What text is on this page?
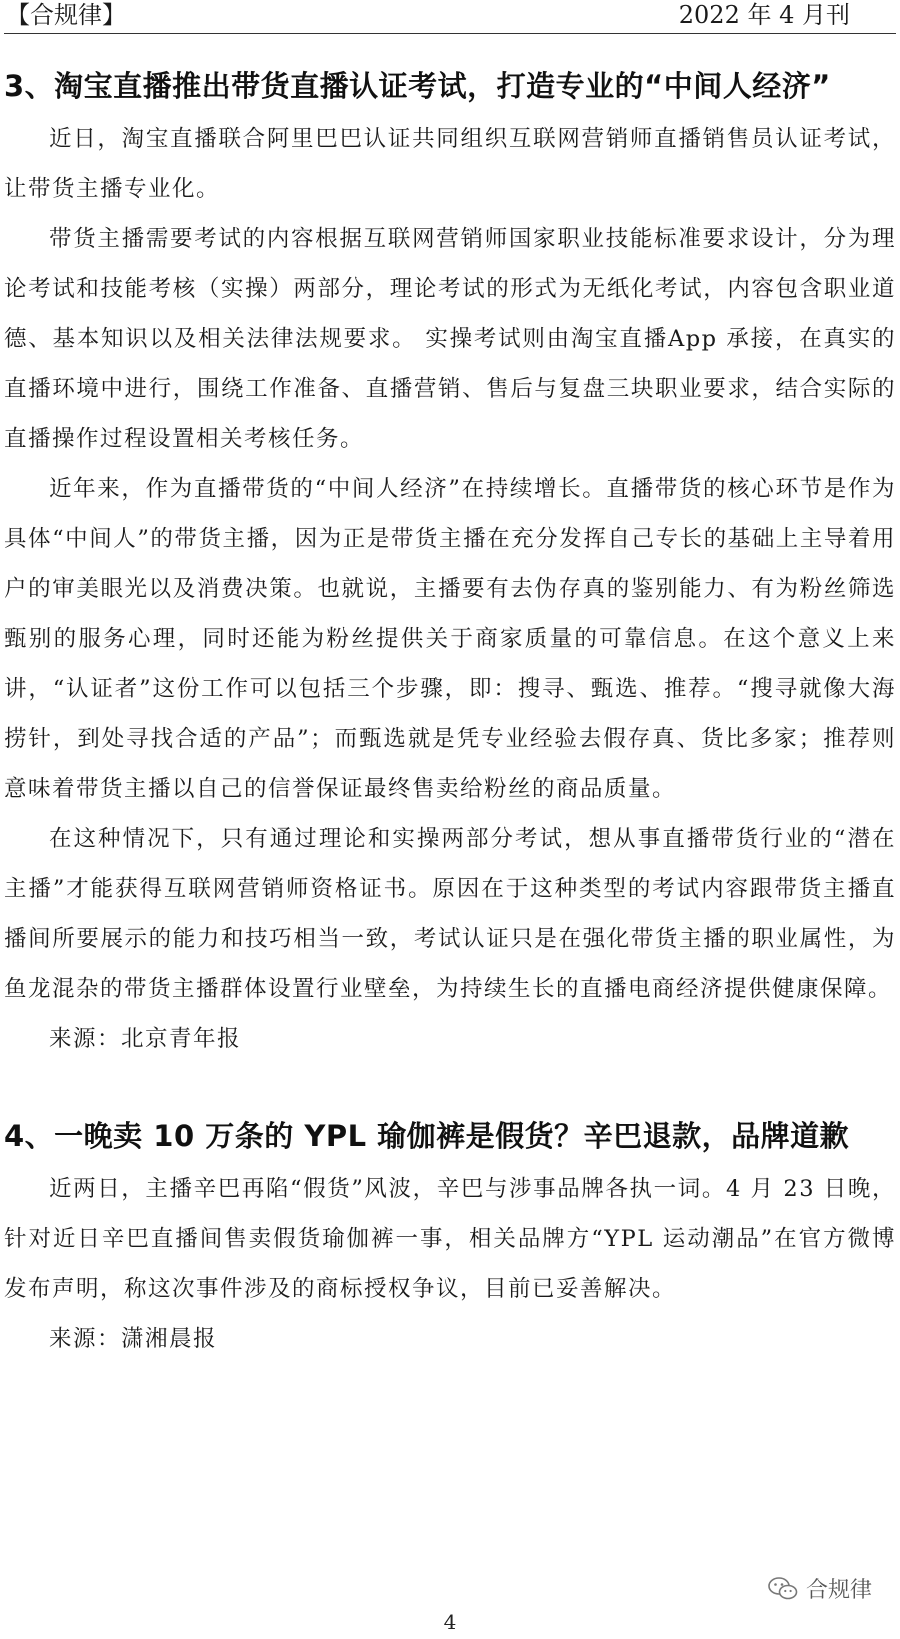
【合规律】	2022 年 4 月刊
3、淘宝直播推出带货直播认证考试，打造专业的“中间人经济”

近日，淘宝直播联合阿里巴巴认证共同组织互联网营销师直播销售员认证考试，让带货主播专业化。

带货主播需要考试的内容根据互联网营销师国家职业技能标准要求设计，分为理论考试和技能考核（实操）两部分，理论考试的形式为无纸化考试，内容包含职业道德、基本知识以及相关法律法规要求。 实操考试则由淘宝直播App 承接，在真实的直播环境中进行，围绕工作准备、直播营销、售后与复盘三块职业要求，结合实际的直播操作过程设置相关考核任务。

近年来，作为直播带货的“中间人经济”在持续增长。直播带货的核心环节是作为具体“中间人”的带货主播，因为正是带货主播在充分发挥自己专长的基础上主导着用户的审美眼光以及消费决策。也就说，主播要有去伪存真的鉴别能力、有为粉丝筛选甄别的服务心理，同时还能为粉丝提供关于商家质量的可靠信息。在这个意义上来讲，“认证者”这份工作可以包括三个步骤，即：搜寻、甄选、推荐。“搜寻就像大海捞针，到处寻找合适的产品”；而甄选就是凭专业经验去假存真、货比多家；推荐则意味着带货主播以自己的信誉保证最终售卖给粉丝的商品质量。

在这种情况下，只有通过理论和实操两部分考试，想从事直播带货行业的“潜在主播”才能获得互联网营销师资格证书。原因在于这种类型的考试内容跟带货主播直播间所要展示的能力和技巧相当一致，考试认证只是在强化带货主播的职业属性，为鱼龙混杂的带货主播群体设置行业壁垒，为持续生长的直播电商经济提供健康保障。

来源：北京青年报

4、一晚卖 10 万条的 YPL 瑜伽裤是假货？辛巴退款，品牌道歉

近两日，主播辛巴再陷“假货”风波，辛巴与涉事品牌各执一词。4 月 23 日晚，针对近日辛巴直播间售卖假货瑜伽裤一事，相关品牌方“YPL 运动潮品”在官方微博发布声明，称这次事件涉及的商标授权争议，目前已妥善解决。

来源：潇湘晨报

合规律
4
